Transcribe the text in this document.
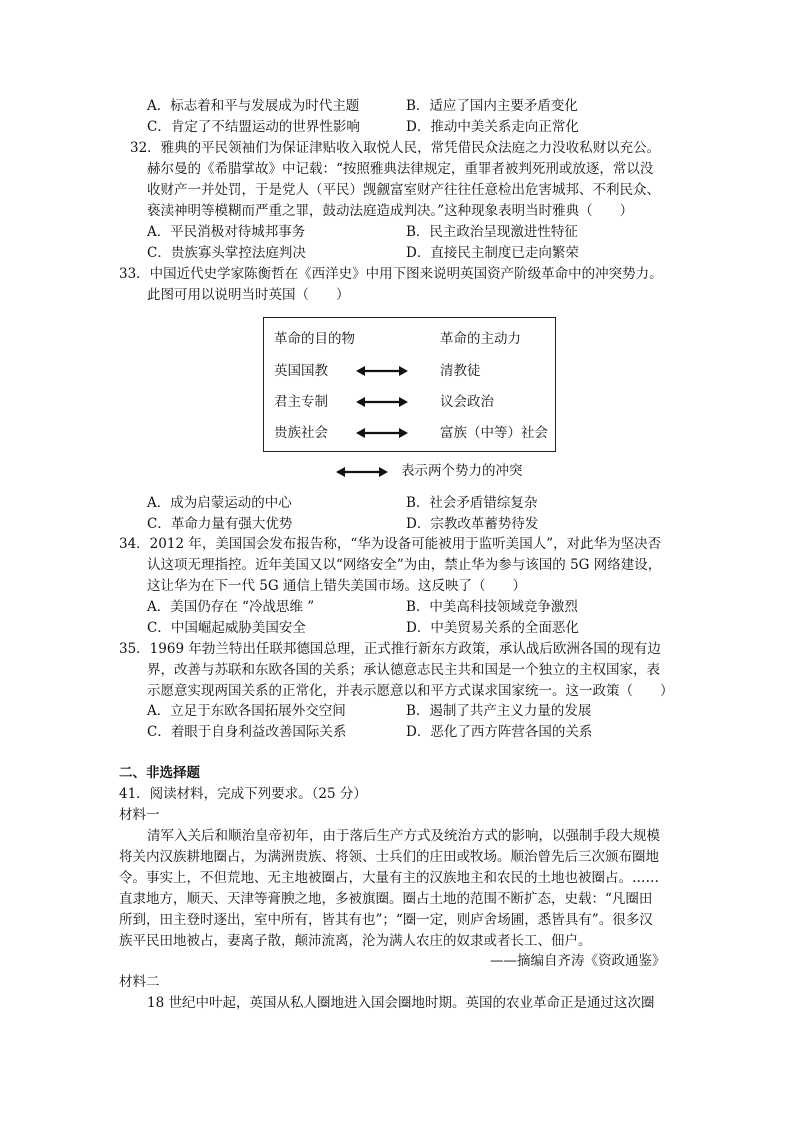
A．标志着和平与发展成为时代主题	B．适应了国内主要矛盾变化
C．肯定了不结盟运动的世界性影响	D．推动中美关系走向正常化
32．雅典的平民领袖们为保证津贴收入取悦人民，常凭借民众法庭之力没收私财以充公。
赫尔曼的《希腊掌故》中记载：“按照雅典法律规定，重罪者被判死刑或放逐，常以没
收财产一并处罚，于是党人（平民）觊觎富室财产往往任意检出危害城邦、不利民众、
亵渎神明等模糊而严重之罪，鼓动法庭造成判决。”这种现象表明当时雅典（　　）
A．平民消极对待城邦事务	B．民主政治呈现激进性特征
C．贵族寡头掌控法庭判决	D．直接民主制度已走向繁荣
33．中国近代史学家陈衡哲在《西洋史》中用下图来说明英国资产阶级革命中的冲突势力。
此图可用以说明当时英国（　　）
革命的目的物	革命的主动力
英国国教	清教徒
君主专制	议会政治
贵族社会	富族（中等）社会
表示两个势力的冲突
A．成为启蒙运动的中心	B．社会矛盾错综复杂
C．革命力量有强大优势	D．宗教改革蓄势待发
34．2012 年，美国国会发布报告称，“华为设备可能被用于监听美国人”，对此华为坚决否
认这项无理指控。近年美国又以“网络安全”为由，禁止华为参与该国的 5G 网络建设，
这让华为在下一代 5G 通信上错失美国市场。这反映了（　　）
A．美国仍存在 “冷战思维 ”	B．中美高科技领域竞争激烈
C．中国崛起威胁美国安全	D．中美贸易关系的全面恶化
35．1969 年勃兰特出任联邦德国总理，正式推行新东方政策，承认战后欧洲各国的现有边
界，改善与苏联和东欧各国的关系；承认德意志民主共和国是一个独立的主权国家，表
示愿意实现两国关系的正常化，并表示愿意以和平方式谋求国家统一。这一政策（　　）
A．立足于东欧各国拓展外交空间	B．遏制了共产主义力量的发展
C．着眼于自身利益改善国际关系	D．恶化了西方阵营各国的关系
二、非选择题
41．阅读材料，完成下列要求。（25 分）
材料一
清军入关后和顺治皇帝初年，由于落后生产方式及统治方式的影响，以强制手段大规模
将关内汉族耕地圈占，为满洲贵族、将领、士兵们的庄田或牧场。顺治曾先后三次颁布圈地
令。事实上，不但荒地、无主地被圈占，大量有主的汉族地主和农民的土地也被圈占。……
直隶地方，顺天、天津等膏腴之地，多被旗圈。圈占土地的范围不断扩态，史载：“凡圈田
所到，田主登时逐出，室中所有，皆其有也”；“圈一定，则庐舍场圃，悉皆具有”。很多汉
族平民田地被占，妻离子散，颠沛流离，沦为满人农庄的奴隶或者长工、佃户。
——摘编自齐涛《资政通鉴》
材料二
18 世纪中叶起，英国从私人圈地进入国会圈地时期。英国的农业革命正是通过这次圈
